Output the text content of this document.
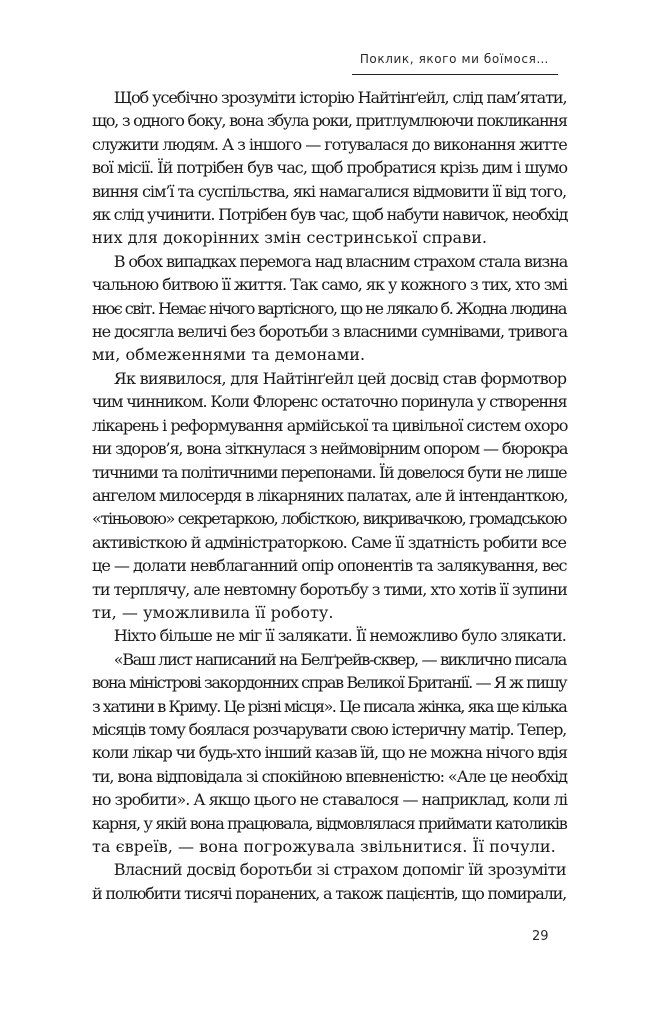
Поклик, якого ми боїмося…

Щоб усебічно зрозуміти історію Найтінґейл, слід пам’ятати,
що, з одного боку, вона збула роки, притлумлюючи покликання
служити людям. А з іншого — готувалася до виконання житте
вої місії. Їй потрібен був час, щоб пробратися крізь дим і шумо
виння сім’ї та суспільства, які намагалися відмовити її від того,
як слід учинити. Потрібен був час, щоб набути навичок, необхід
них для докорінних змін сестринської справи.

В обох випадках перемога над власним страхом стала визна
чальною битвою її життя. Так само, як у кожного з тих, хто змі
нює світ. Немає нічого вартісного, що не лякало б. Жодна людина
не досягла величі без боротьби з власними сумнівами, тривога
ми, обмеженнями та демонами.

Як виявилося, для Найтінґейл цей досвід став формотвор
чим чинником. Коли Флоренс остаточно поринула у створення
лікарень і реформування армійської та цивільної систем охоро
ни здоров’я, вона зіткнулася з неймовірним опором — бюрокра
тичними та політичними перепонами. Їй довелося бути не лише
ангелом милосердя в лікарняних палатах, але й інтенданткою,
«тіньовою» секретаркою, лобісткою, викривачкою, громадською
активісткою й адміністраторкою. Саме її здатність робити все
це — долати невблаганний опір опонентів та залякування, вес
ти терплячу, але невтомну боротьбу з тими, хто хотів її зупини
ти, — уможливила її роботу.

Ніхто більше не міг її залякати. Її неможливо було злякати.

«Ваш лист написаний на Белґрейв-сквер, — виклично писала
вона міністрові закордонних справ Великої Британії. — Я ж пишу
з хатини в Криму. Це різні місця». Це писала жінка, яка ще кілька
місяців тому боялася розчарувати свою істеричну матір. Тепер,
коли лікар чи будь-хто інший казав їй, що не можна нічого вдія
ти, вона відповідала зі спокійною впевненістю: «Але це необхід
но зробити». А якщо цього не ставалося — наприклад, коли лі
карня, у якій вона працювала, відмовлялася приймати католиків
та євреїв, — вона погрожувала звільнитися. Її почули.

Власний досвід боротьби зі страхом допоміг їй зрозуміти
й полюбити тисячі поранених, а також пацієнтів, що помирали,

29
